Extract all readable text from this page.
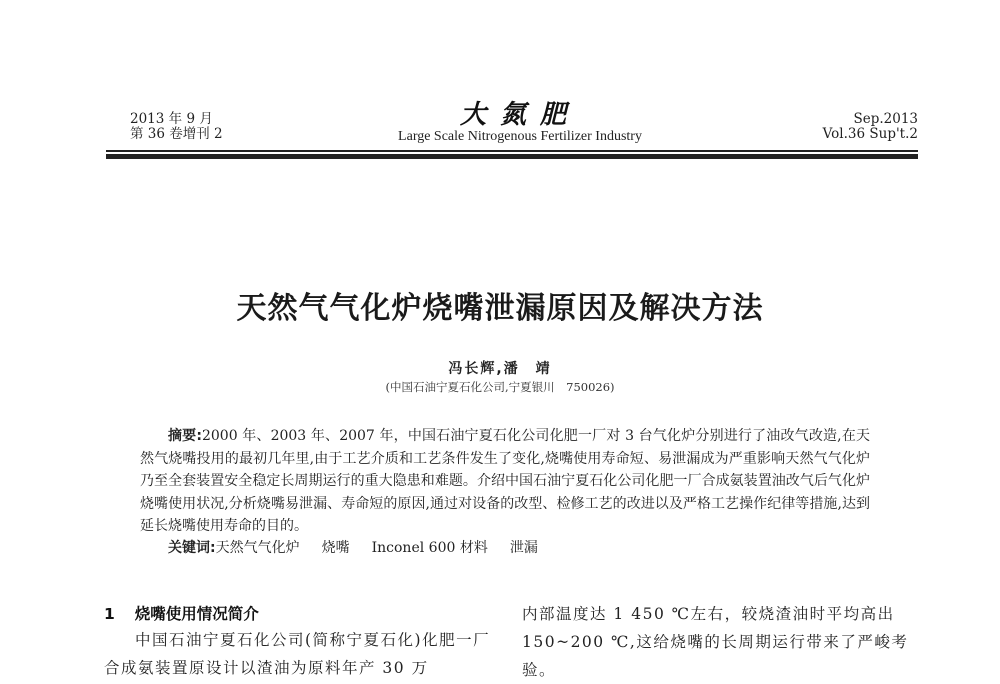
2013 年 9 月
第 36 卷增刊 2
大氮肥
Large Scale Nitrogenous Fertilizer Industry
Sep.2013
Vol.36 Sup't.2
天然气气化炉烧嘴泄漏原因及解决方法
冯长辉,潘　靖
(中国石油宁夏石化公司,宁夏银川　750026)

摘要:2000 年、2003 年、2007 年，中国石油宁夏石化公司化肥一厂对 3 台气化炉分别进行了油改气改造,在天然气烧嘴投用的最初几年里,由于工艺介质和工艺条件发生了变化,烧嘴使用寿命短、易泄漏成为严重影响天然气气化炉乃至全套装置安全稳定长周期运行的重大隐患和难题。介绍中国石油宁夏石化公司化肥一厂合成氨装置油改气后气化炉烧嘴使用状况,分析烧嘴易泄漏、寿命短的原因,通过对设备的改型、检修工艺的改进以及严格工艺操作纪律等措施,达到延长烧嘴使用寿命的目的。

关键词:天然气气化炉 烧嘴 Inconel 600 材料 泄漏
1 烧嘴使用情况简介

中国石油宁夏石化公司(简称宁夏石化)化肥一厂合成氨装置原设计以渣油为原料年产 30 万

内部温度达 1 450 ℃左右，较烧渣油时平均高出 150~200 ℃,这给烧嘴的长周期运行带来了严峻考验。
